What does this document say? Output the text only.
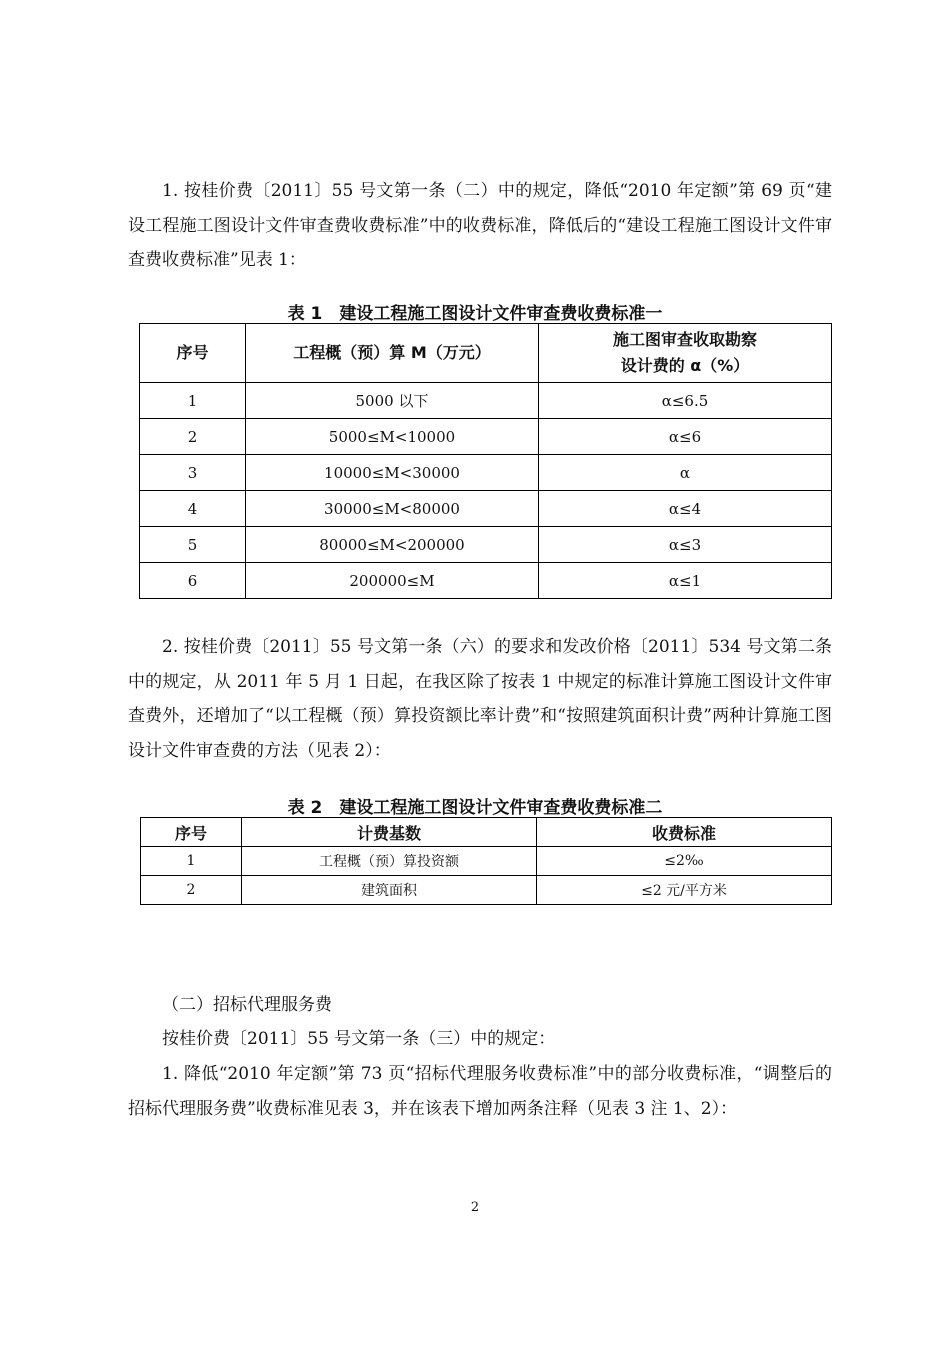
1. 按桂价费〔2011〕55 号文第一条（二）中的规定，降低“2010 年定额”第 69 页“建设工程施工图设计文件审查费收费标准”中的收费标准，降低后的“建设工程施工图设计文件审查费收费标准”见表 1：

表 1　建设工程施工图设计文件审查费收费标准一

序号	工程概（预）算 M（万元）	施工图审查收取勘察
设计费的 α（%）

1	5000 以下	α≤6.5
2	5000≤M<10000	α≤6
3	10000≤M<30000	α
4	30000≤M<80000	α≤4
5	80000≤M<200000	α≤3
6	200000≤M	α≤1

2. 按桂价费〔2011〕55 号文第一条（六）的要求和发改价格〔2011〕534 号文第二条中的规定，从 2011 年 5 月 1 日起，在我区除了按表 1 中规定的标准计算施工图设计文件审查费外，还增加了“以工程概（预）算投资额比率计费”和“按照建筑面积计费”两种计算施工图设计文件审查费的方法（见表 2）：

表 2　建设工程施工图设计文件审查费收费标准二

序号	计费基数	收费标准
1	工程概（预）算投资额	≤2‰
2	建筑面积	≤2 元/平方米

（二）招标代理服务费

按桂价费〔2011〕55 号文第一条（三）中的规定：

1. 降低“2010 年定额”第 73 页“招标代理服务收费标准”中的部分收费标准，“调整后的招标代理服务费”收费标准见表 3，并在该表下增加两条注释（见表 3 注 1、2）：

2
